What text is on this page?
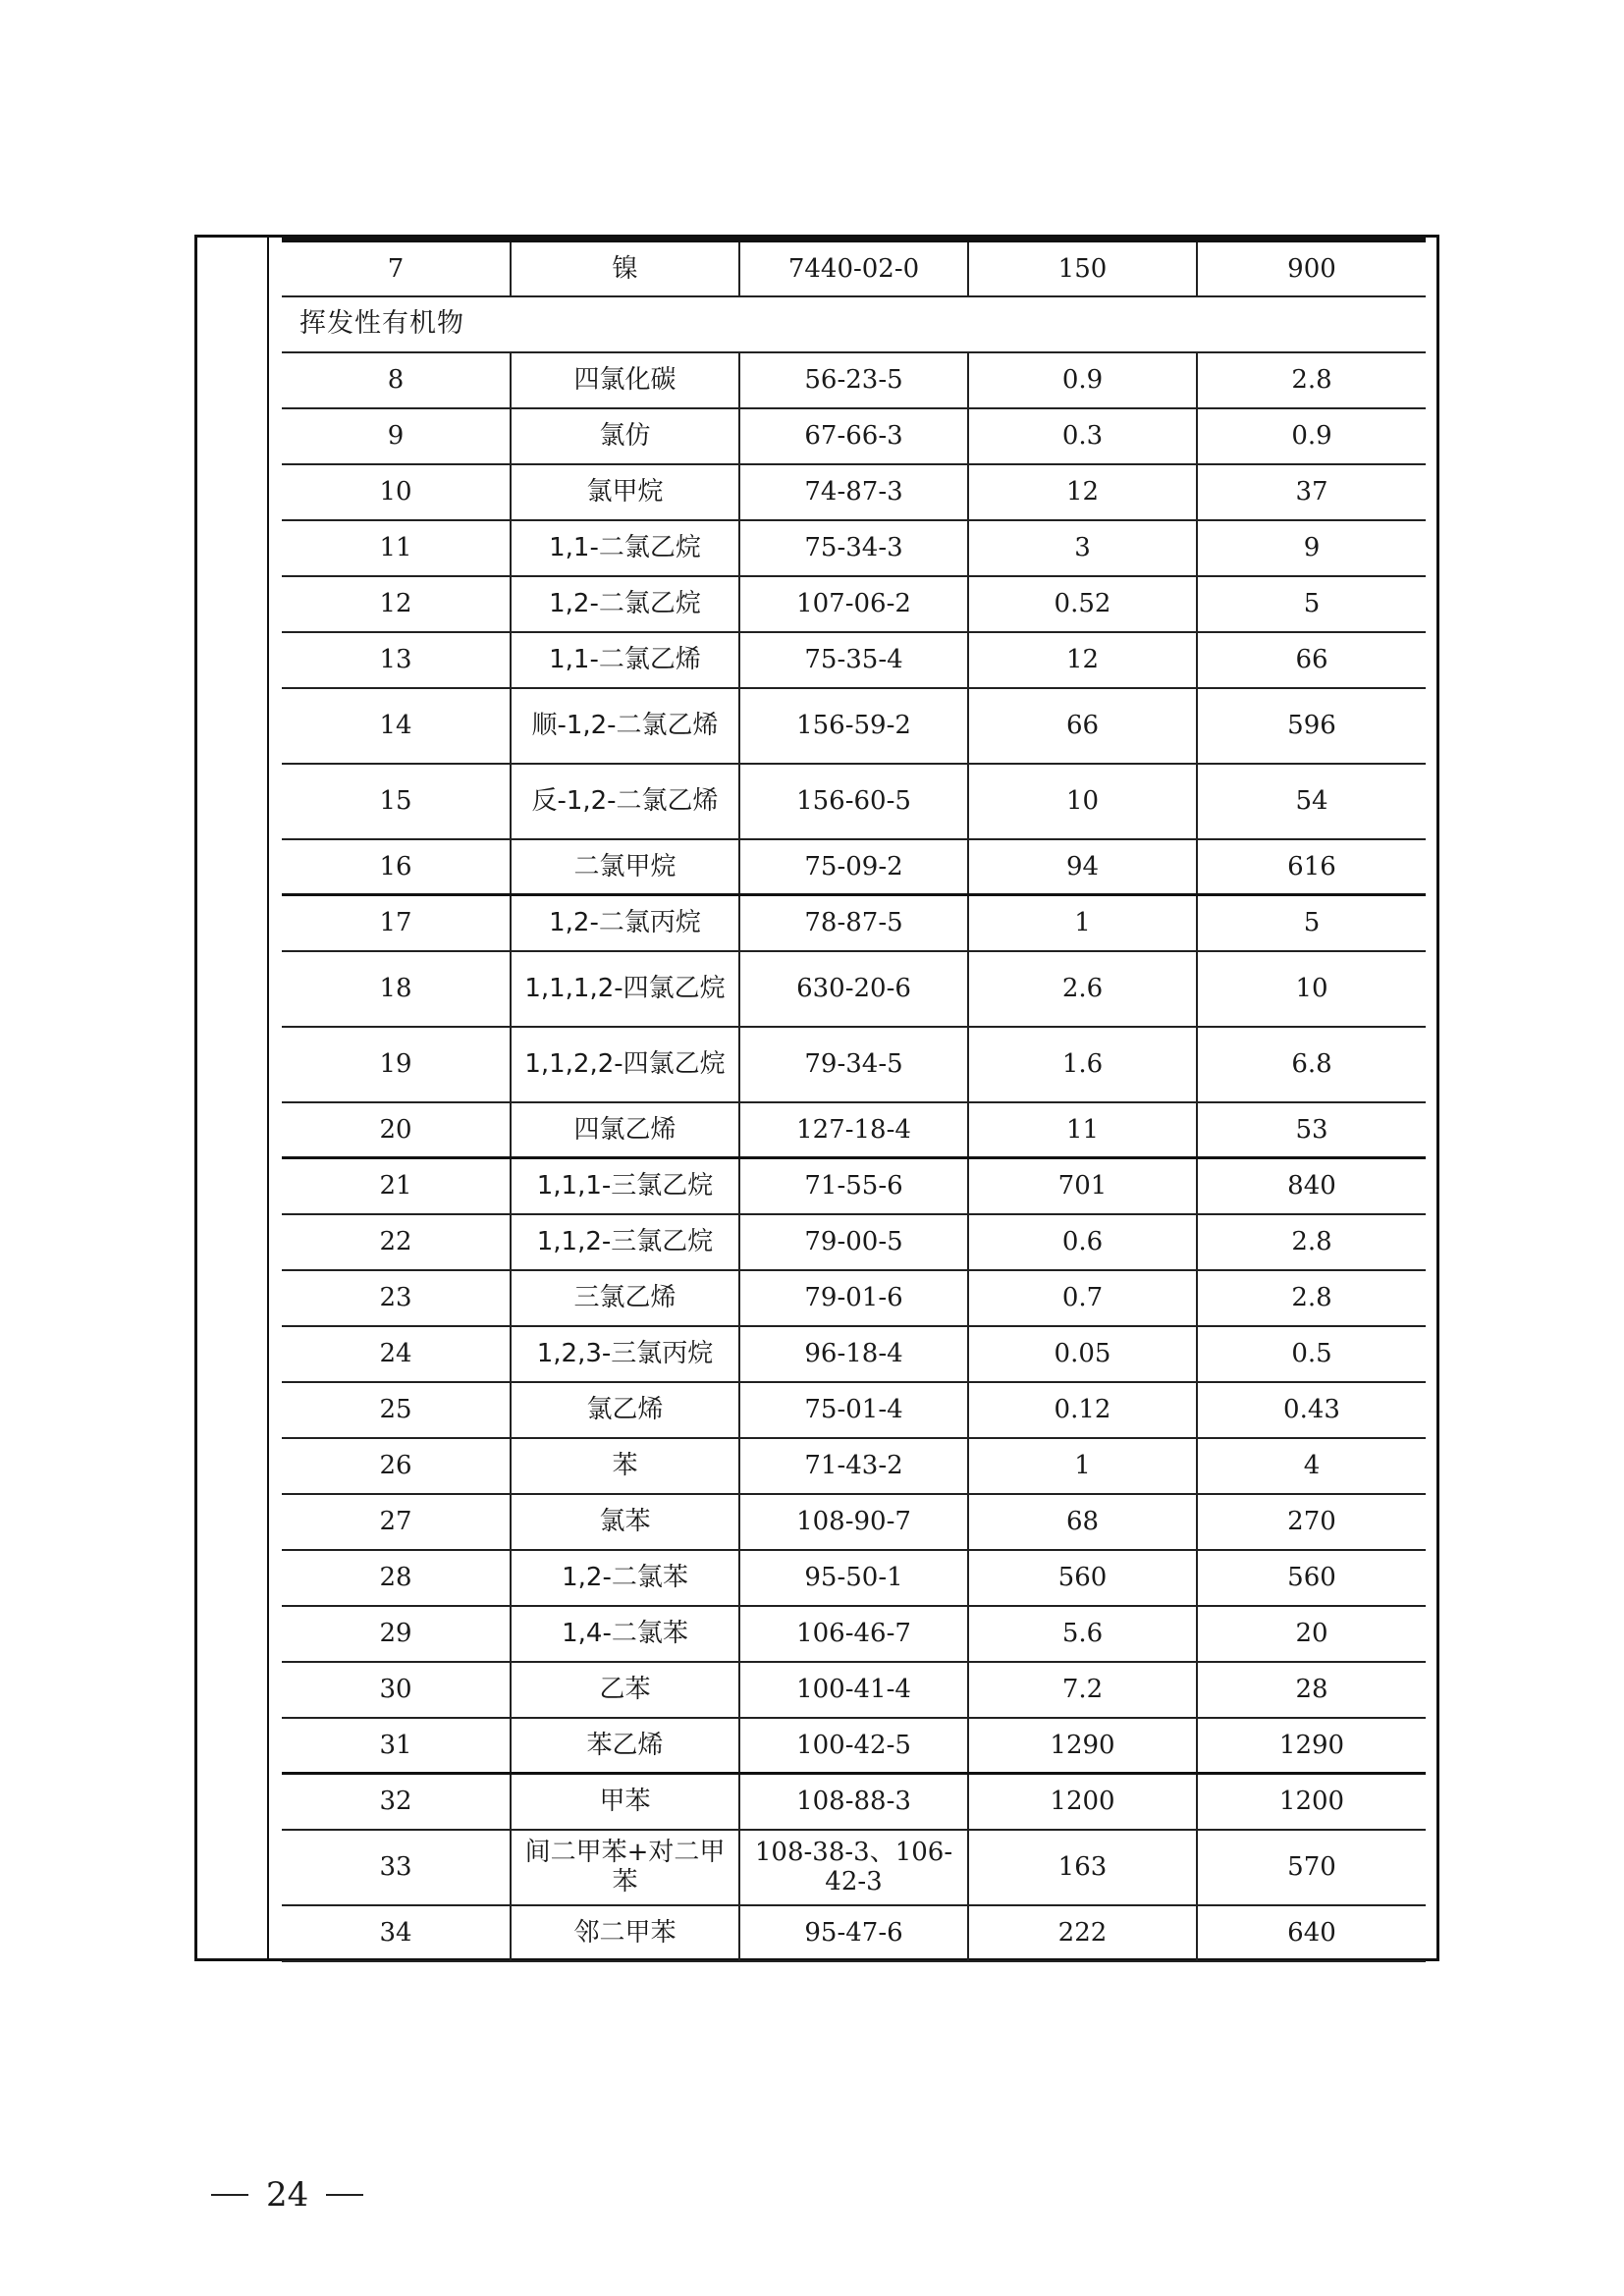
7	镍	7440-02-0	150	900
挥发性有机物				
8	四氯化碳	56-23-5	0.9	2.8
9	氯仿	67-66-3	0.3	0.9
10	氯甲烷	74-87-3	12	37
11	1,1-二氯乙烷	75-34-3	3	9
12	1,2-二氯乙烷	107-06-2	0.52	5
13	1,1-二氯乙烯	75-35-4	12	66
14	顺-1,2-二氯乙烯	156-59-2	66	596
15	反-1,2-二氯乙烯	156-60-5	10	54
16	二氯甲烷	75-09-2	94	616
17	1,2-二氯丙烷	78-87-5	1	5
18	1,1,1,2-四氯乙烷	630-20-6	2.6	10
19	1,1,2,2-四氯乙烷	79-34-5	1.6	6.8
20	四氯乙烯	127-18-4	11	53
21	1,1,1-三氯乙烷	71-55-6	701	840
22	1,1,2-三氯乙烷	79-00-5	0.6	2.8
23	三氯乙烯	79-01-6	0.7	2.8
24	1,2,3-三氯丙烷	96-18-4	0.05	0.5
25	氯乙烯	75-01-4	0.12	0.43
26	苯	71-43-2	1	4
27	氯苯	108-90-7	68	270
28	1,2-二氯苯	95-50-1	560	560
29	1,4-二氯苯	106-46-7	5.6	20
30	乙苯	100-41-4	7.2	28
31	苯乙烯	100-42-5	1290	1290
32	甲苯	108-88-3	1200	1200
33	间二甲苯+对二甲苯	108-38-3、106-42-3	163	570
34	邻二甲苯	95-47-6	222	640
24
